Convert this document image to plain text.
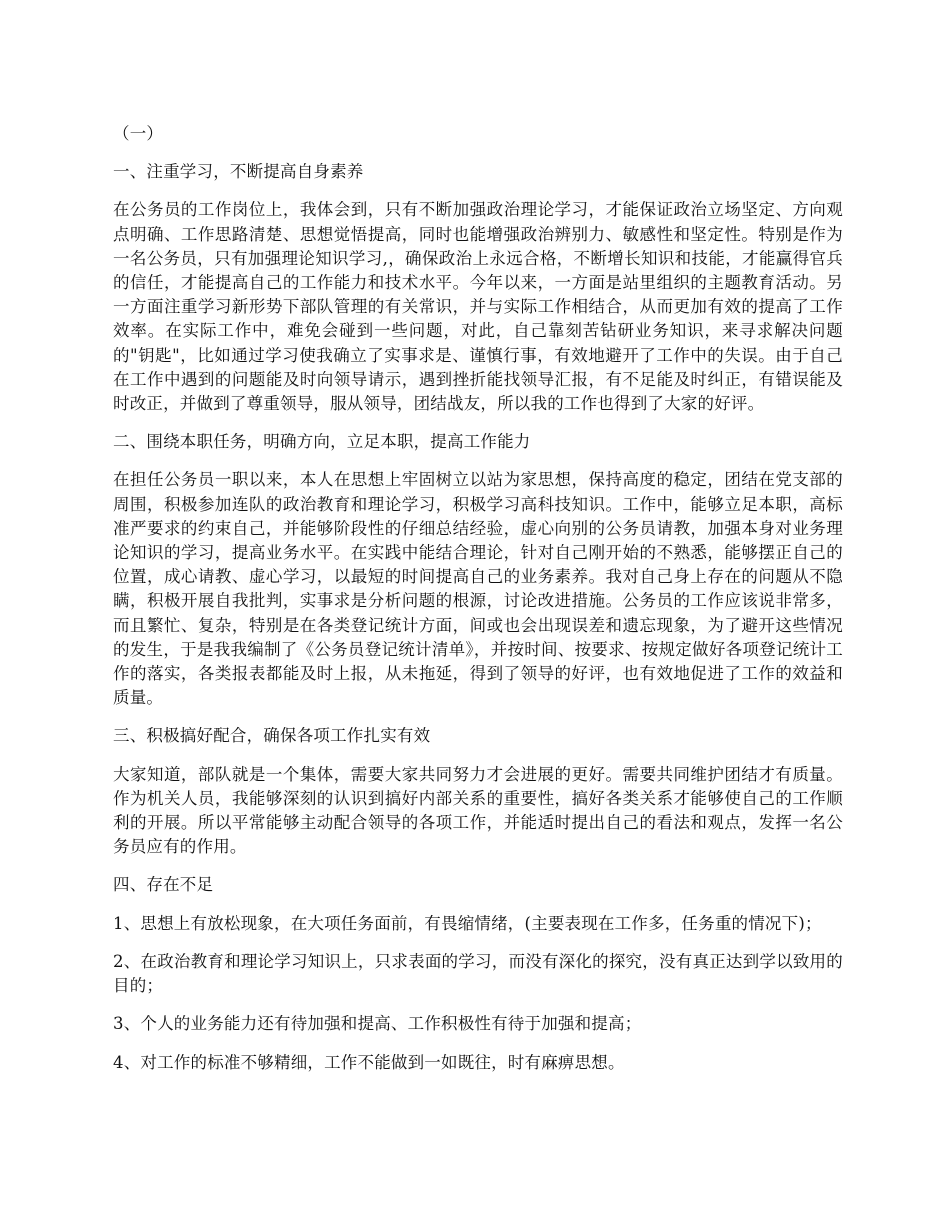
（一）

一、注重学习，不断提高自身素养

在公务员的工作岗位上，我体会到，只有不断加强政治理论学习，才能保证政治立场坚定、方向观点明确、工作思路清楚、思想觉悟提高，同时也能增强政治辨别力、敏感性和坚定性。特别是作为一名公务员，只有加强理论知识学习,，确保政治上永远合格，不断增长知识和技能，才能赢得官兵的信任，才能提高自己的工作能力和技术水平。今年以来，一方面是站里组织的主题教育活动。另一方面注重学习新形势下部队管理的有关常识，并与实际工作相结合，从而更加有效的提高了工作效率。在实际工作中，难免会碰到一些问题，对此，自己靠刻苦钻研业务知识，来寻求解决问题的"钥匙"，比如通过学习使我确立了实事求是、谨慎行事，有效地避开了工作中的失误。由于自己在工作中遇到的问题能及时向领导请示，遇到挫折能找领导汇报，有不足能及时纠正，有错误能及时改正，并做到了尊重领导，服从领导，团结战友，所以我的工作也得到了大家的好评。

二、围绕本职任务，明确方向，立足本职，提高工作能力

在担任公务员一职以来，本人在思想上牢固树立以站为家思想，保持高度的稳定，团结在党支部的周围，积极参加连队的政治教育和理论学习，积极学习高科技知识。工作中，能够立足本职，高标准严要求的约束自己，并能够阶段性的仔细总结经验，虚心向别的公务员请教，加强本身对业务理论知识的学习，提高业务水平。在实践中能结合理论，针对自己刚开始的不熟悉，能够摆正自己的位置，成心请教、虚心学习，以最短的时间提高自己的业务素养。我对自己身上存在的问题从不隐瞒，积极开展自我批判，实事求是分析问题的根源，讨论改进措施。公务员的工作应该说非常多，而且繁忙、复杂，特别是在各类登记统计方面，间或也会出现误差和遗忘现象，为了避开这些情况的发生，于是我我编制了《公务员登记统计清单》，并按时间、按要求、按规定做好各项登记统计工作的落实，各类报表都能及时上报，从未拖延，得到了领导的好评，也有效地促进了工作的效益和质量。

三、积极搞好配合，确保各项工作扎实有效

大家知道，部队就是一个集体，需要大家共同努力才会进展的更好。需要共同维护团结才有质量。作为机关人员，我能够深刻的认识到搞好内部关系的重要性，搞好各类关系才能够使自己的工作顺利的开展。所以平常能够主动配合领导的各项工作，并能适时提出自己的看法和观点，发挥一名公务员应有的作用。

四、存在不足

1、思想上有放松现象，在大项任务面前，有畏缩情绪，(主要表现在工作多，任务重的情况下)；

2、在政治教育和理论学习知识上，只求表面的学习，而没有深化的探究，没有真正达到学以致用的目的；

3、个人的业务能力还有待加强和提高、工作积极性有待于加强和提高；

4、对工作的标准不够精细，工作不能做到一如既往，时有麻痹思想。
